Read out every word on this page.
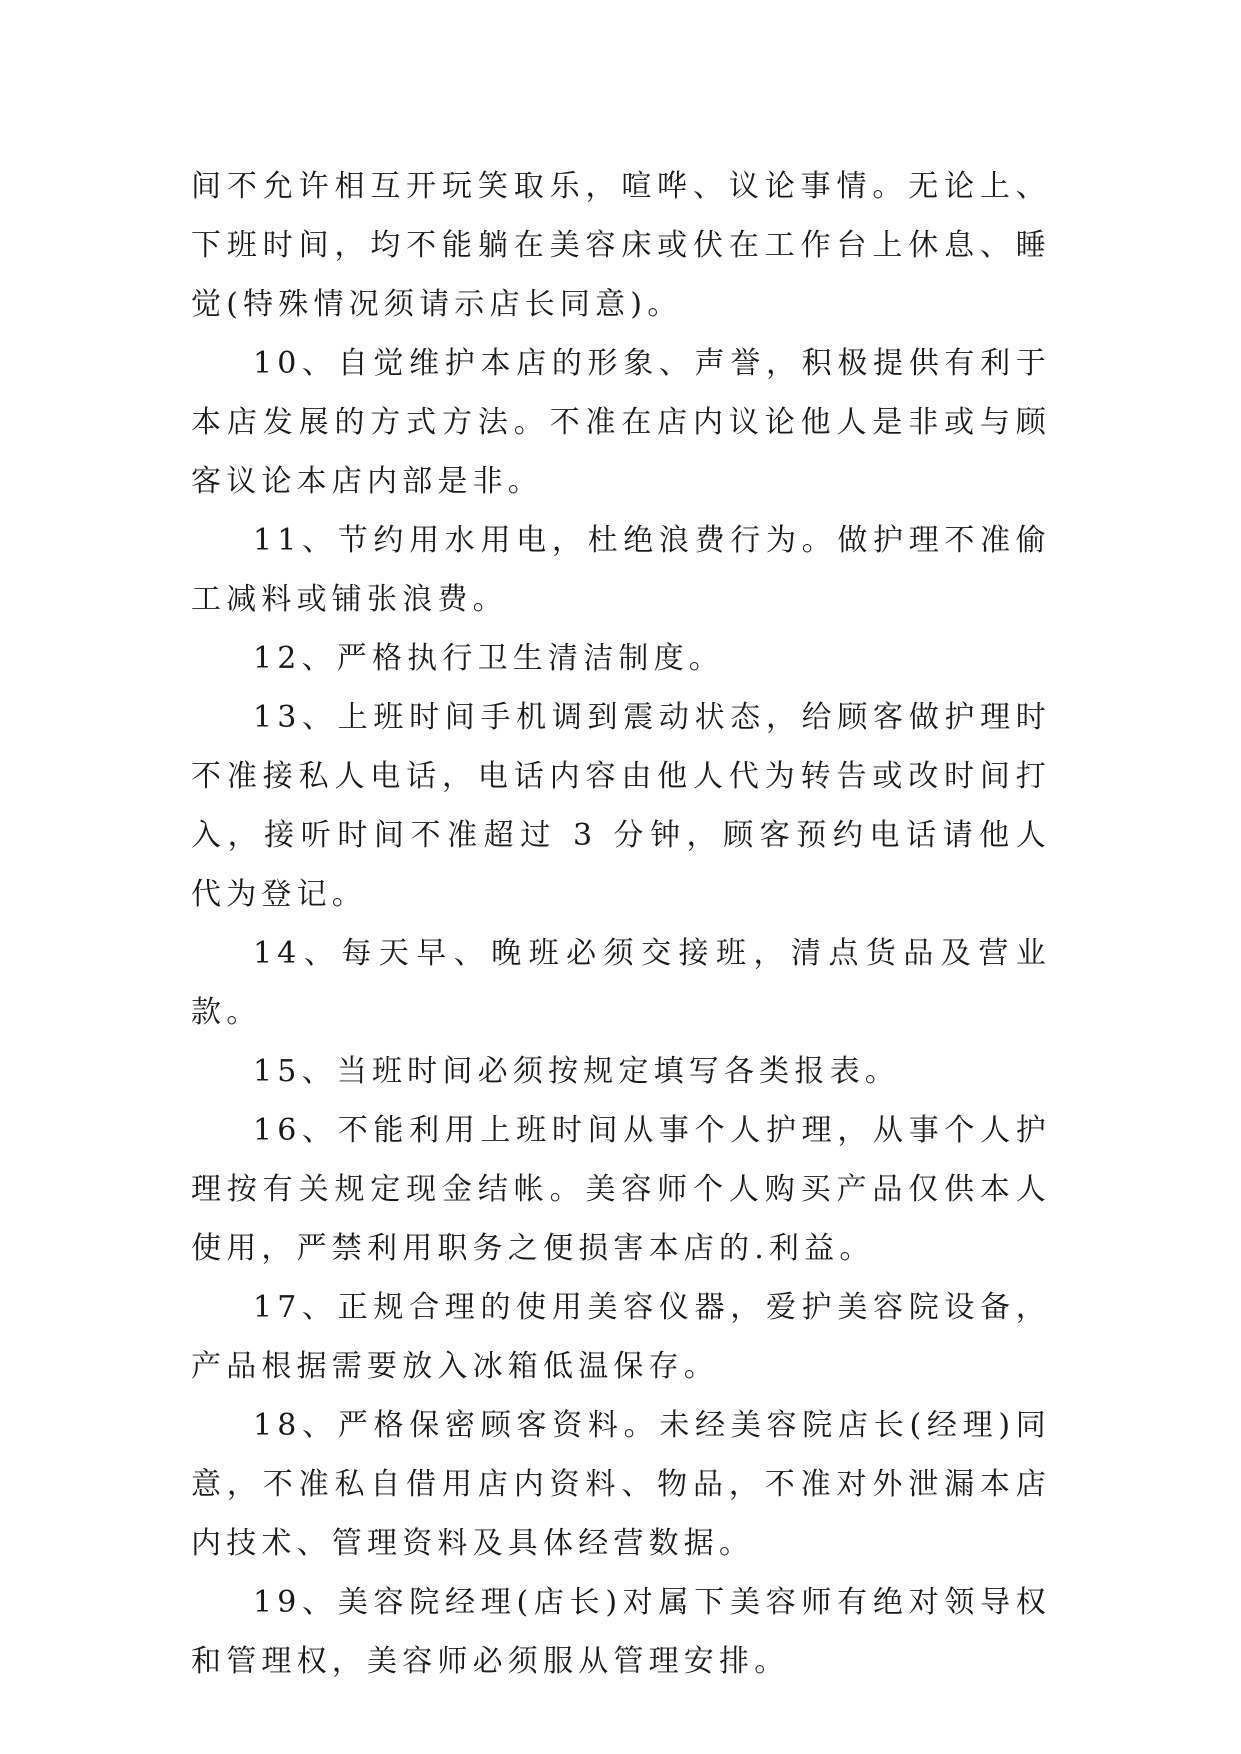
间不允许相互开玩笑取乐，喧哗、议论事情。无论上、下班时间，均不能躺在美容床或伏在工作台上休息、睡觉(特殊情况须请示店长同意)。

10、自觉维护本店的形象、声誉，积极提供有利于本店发展的方式方法。不准在店内议论他人是非或与顾客议论本店内部是非。

11、节约用水用电，杜绝浪费行为。做护理不准偷工减料或铺张浪费。

12、严格执行卫生清洁制度。

13、上班时间手机调到震动状态，给顾客做护理时不准接私人电话，电话内容由他人代为转告或改时间打入，接听时间不准超过 3 分钟，顾客预约电话请他人代为登记。

14、每天早、晚班必须交接班，清点货品及营业款。

15、当班时间必须按规定填写各类报表。

16、不能利用上班时间从事个人护理，从事个人护理按有关规定现金结帐。美容师个人购买产品仅供本人使用，严禁利用职务之便损害本店的.利益。

17、正规合理的使用美容仪器，爱护美容院设备，产品根据需要放入冰箱低温保存。

18、严格保密顾客资料。未经美容院店长(经理)同意，不准私自借用店内资料、物品，不准对外泄漏本店内技术、管理资料及具体经营数据。

19、美容院经理(店长)对属下美容师有绝对领导权和管理权，美容师必须服从管理安排。
